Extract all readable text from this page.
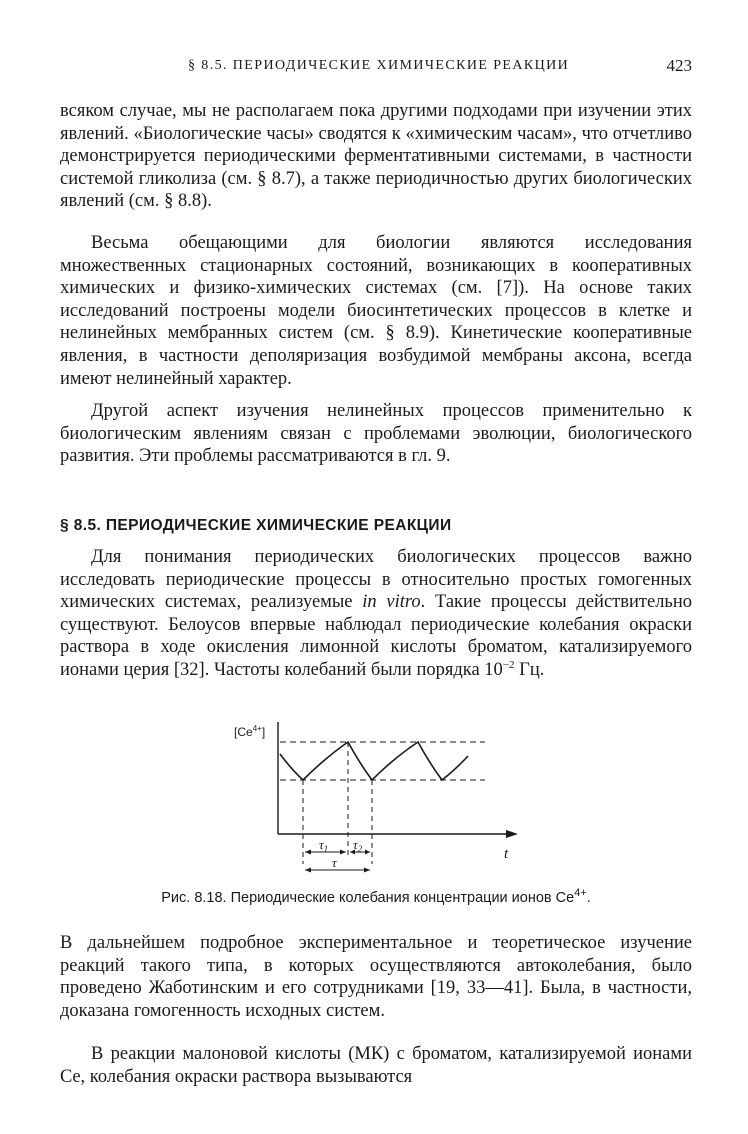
§ 8.5. ПЕРИОДИЧЕСКИЕ ХИМИЧЕСКИЕ РЕАКЦИИ	423

всяком случае, мы не располагаем пока другими подходами при изучении этих явлений. «Биологические часы» сводятся к «химическим часам», что отчетливо демонстрируется периодическими ферментативными системами, в частности системой гликолиза (см. § 8.7), а также периодичностью других биологических явлений (см. § 8.8).

Весьма обещающими для биологии являются исследования множественных стационарных состояний, возникающих в кооперативных химических и физико-химических системах (см. [7]). На основе таких исследований построены модели биосинтетических процессов в клетке и нелинейных мембранных систем (см. § 8.9). Кинетические кооперативные явления, в частности деполяризация возбудимой мембраны аксона, всегда имеют нелинейный характер.

Другой аспект изучения нелинейных процессов применительно к биологическим явлениям связан с проблемами эволюции, биологического развития. Эти проблемы рассматриваются в гл. 9.

§ 8.5. ПЕРИОДИЧЕСКИЕ ХИМИЧЕСКИЕ РЕАКЦИИ

Для понимания периодических биологических процессов важно исследовать периодические процессы в относительно простых гомогенных химических системах, реализуемые in vitro. Такие процессы действительно существуют. Белоусов впервые наблюдал периодические колебания окраски раствора в ходе окисления лимонной кислоты броматом, катализируемого ионами церия [32]. Частоты колебаний были порядка $10^{-2}$ Гц.

$[Ce^{4+}]$
t
$\tau_1$ $\tau_2$
τ

Рис. 8.18. Периодические колебания концентрации ионов $Ce^{4+}$.

В дальнейшем подробное экспериментальное и теоретическое изучение реакций такого типа, в которых осуществляются автоколебания, было проведено Жаботинским и его сотрудниками [19, 33—41]. Была, в частности, доказана гомогенность исходных систем.

В реакции малоновой кислоты (МК) с броматом, катализируемой ионами Ce, колебания окраски раствора вызываются
